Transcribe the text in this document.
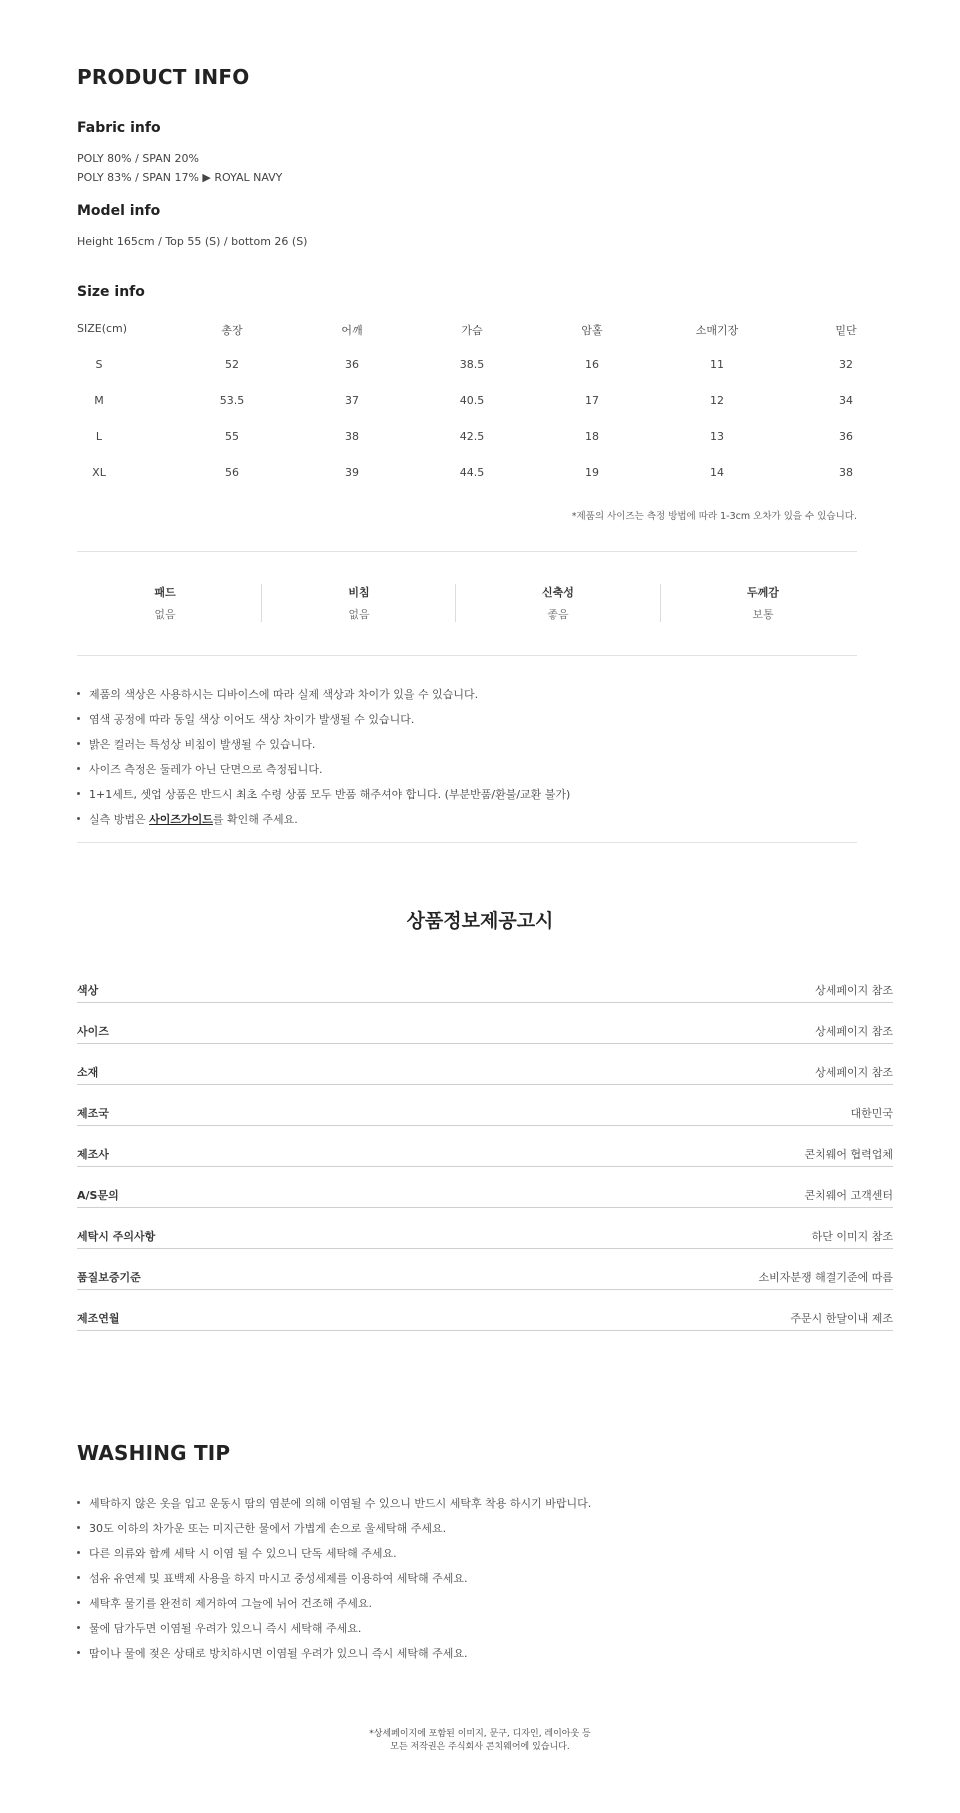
PRODUCT INFO
Fabric info
POLY 80% / SPAN 20%
POLY 83% / SPAN 17% ▶ ROYAL NAVY
Model info
Height 165cm / Top 55 (S) / bottom 26 (S)
Size info
SIZE(cm)	총장	어깨	가슴	암홀	소매기장	밑단
S	52	36	38.5	16	11	32
M	53.5	37	40.5	17	12	34
L	55	38	42.5	18	13	36
XL	56	39	44.5	19	14	38
*제품의 사이즈는 측정 방법에 따라 1-3cm 오차가 있을 수 있습니다.
패드
없음
비침
없음
신축성
좋음
두께감
보통
제품의 색상은 사용하시는 디바이스에 따라 실제 색상과 차이가 있을 수 있습니다.
염색 공정에 따라 동일 색상 이어도 색상 차이가 발생될 수 있습니다.
밝은 컬러는 특성상 비침이 발생될 수 있습니다.
사이즈 측정은 둘레가 아닌 단면으로 측정됩니다.
1+1세트, 셋업 상품은 반드시 최초 수령 상품 모두 반품 해주셔야 합니다. (부분반품/환불/교환 불가)
실측 방법은 사이즈가이드를 확인해 주세요.
상품정보제공고시
색상	상세페이지 참조
사이즈	상세페이지 참조
소재	상세페이지 참조
제조국	대한민국
제조사	콘치웨어 협력업체
A/S문의	콘치웨어 고객센터
세탁시 주의사항	하단 이미지 참조
품질보증기준	소비자분쟁 해결기준에 따름
제조연월	주문시 한달이내 제조
WASHING TIP
세탁하지 않은 옷을 입고 운동시 땀의 염분에 의해 이염될 수 있으니 반드시 세탁후 착용 하시기 바랍니다.
30도 이하의 차가운 또는 미지근한 물에서 가볍게 손으로 울세탁해 주세요.
다른 의류와 함께 세탁 시 이염 될 수 있으니 단독 세탁해 주세요.
섬유 유연제 및 표백제 사용을 하지 마시고 중성세제를 이용하여 세탁해 주세요.
세탁후 물기를 완전히 제거하여 그늘에 뉘어 건조해 주세요.
물에 담가두면 이염될 우려가 있으니 즉시 세탁해 주세요.
땀이나 물에 젖은 상태로 방치하시면 이염될 우려가 있으니 즉시 세탁해 주세요.
*상세페이지에 포함된 이미지, 문구, 디자인, 레이아웃 등
모든 저작권은 주식회사 콘치웨어에 있습니다.
